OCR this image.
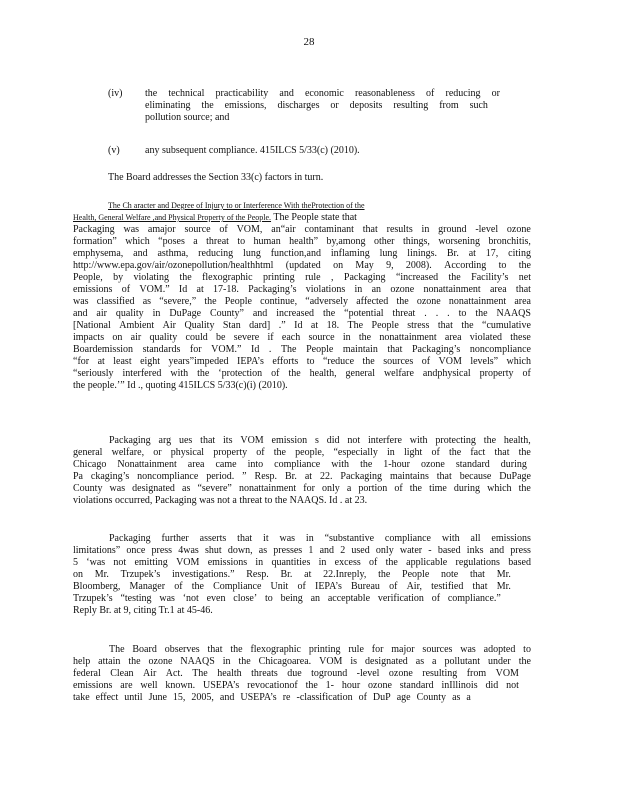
28
(iv)	the technical practicability and economic reasonableness of reducing or
eliminating the emissions, discharges or deposits resulting from such
pollution source; and
(v)	any subsequent compliance. 415ILCS 5/33(c) (2010).
The Board addresses the Section 33(c) factors in turn.
The Ch aracter and Degree of Injury to or Interference With theProtection of the
Health, General Welfare ,and Physical Property of the People. The People state that
Packaging was amajor source of VOM, an“air contaminant that results in ground -level ozone
formation” which “poses a threat to human health” by,among other things, worsening bronchitis,
emphysema, and asthma, reducing lung function,and inflaming lung linings. Br. at 17, citing
http://www.epa.gov/air/ozonepollution/healthhtml (updated on May 9, 2008). According to the
People, by violating the flexographic printing rule , Packaging “increased the Facility’s net
emissions of VOM.” Id at 17-18. Packaging’s violations in an ozone nonattainment area that
was classified as “severe,” the People continue, “adversely affected the ozone nonattainment area
and air quality in DuPage County” and increased the “potential threat . . . to the NAAQS
[National Ambient Air Quality Stan dard] .” Id at 18. The People stress that the “cumulative
impacts on air quality could be severe if each source in the nonattainment area violated these
Boardemission standards for VOM.” Id . The People maintain that Packaging’s noncompliance
“for at least eight years”impeded IEPA’s efforts to “reduce the sources of VOM levels” which
“seriously interfered with the ‘protection of the health, general welfare andphysical property of
the people.’” Id ., quoting 415ILCS 5/33(c)(i) (2010).
Packaging arg ues that its VOM emission s did not interfere with protecting the health,
general welfare, or physical property of the people, “especially in light of the fact that the
Chicago Nonattainment area came into compliance with the 1-hour ozone standard during
Pa ckaging’s noncompliance period. ” Resp. Br. at 22. Packaging maintains that because DuPage
County was designated as “severe” nonattainment for only a portion of the time during which the
violations occurred, Packaging was not a threat to the NAAQS. Id . at 23.
Packaging further asserts that it was in “substantive compliance with all emissions
limitations” once press 4was shut down, as presses 1 and 2 used only water - based inks and press
5 ‘was not emitting VOM emissions in quantities in excess of the applicable regulations based
on Mr. Trzupek’s investigations.” Resp. Br. at 22.Inreply, the People note that Mr.
Bloomberg, Manager of the Compliance Unit of IEPA’s Bureau of Air, testified that Mr.
Trzupek’s “testing was ‘not even close’ to being an acceptable verification of compliance.”
Reply Br. at 9, citing Tr.1 at 45-46.
The Board observes that the flexographic printing rule for major sources was adopted to
help attain the ozone NAAQS in the Chicagoarea. VOM is designated as a pollutant under the
federal Clean Air Act. The health threats due toground -level ozone resulting from VOM
emissions are well known. USEPA’s revocationof the 1- hour ozone standard inIllinois did not
take effect until June 15, 2005, and USEPA’s re -classification of DuP age County as a
